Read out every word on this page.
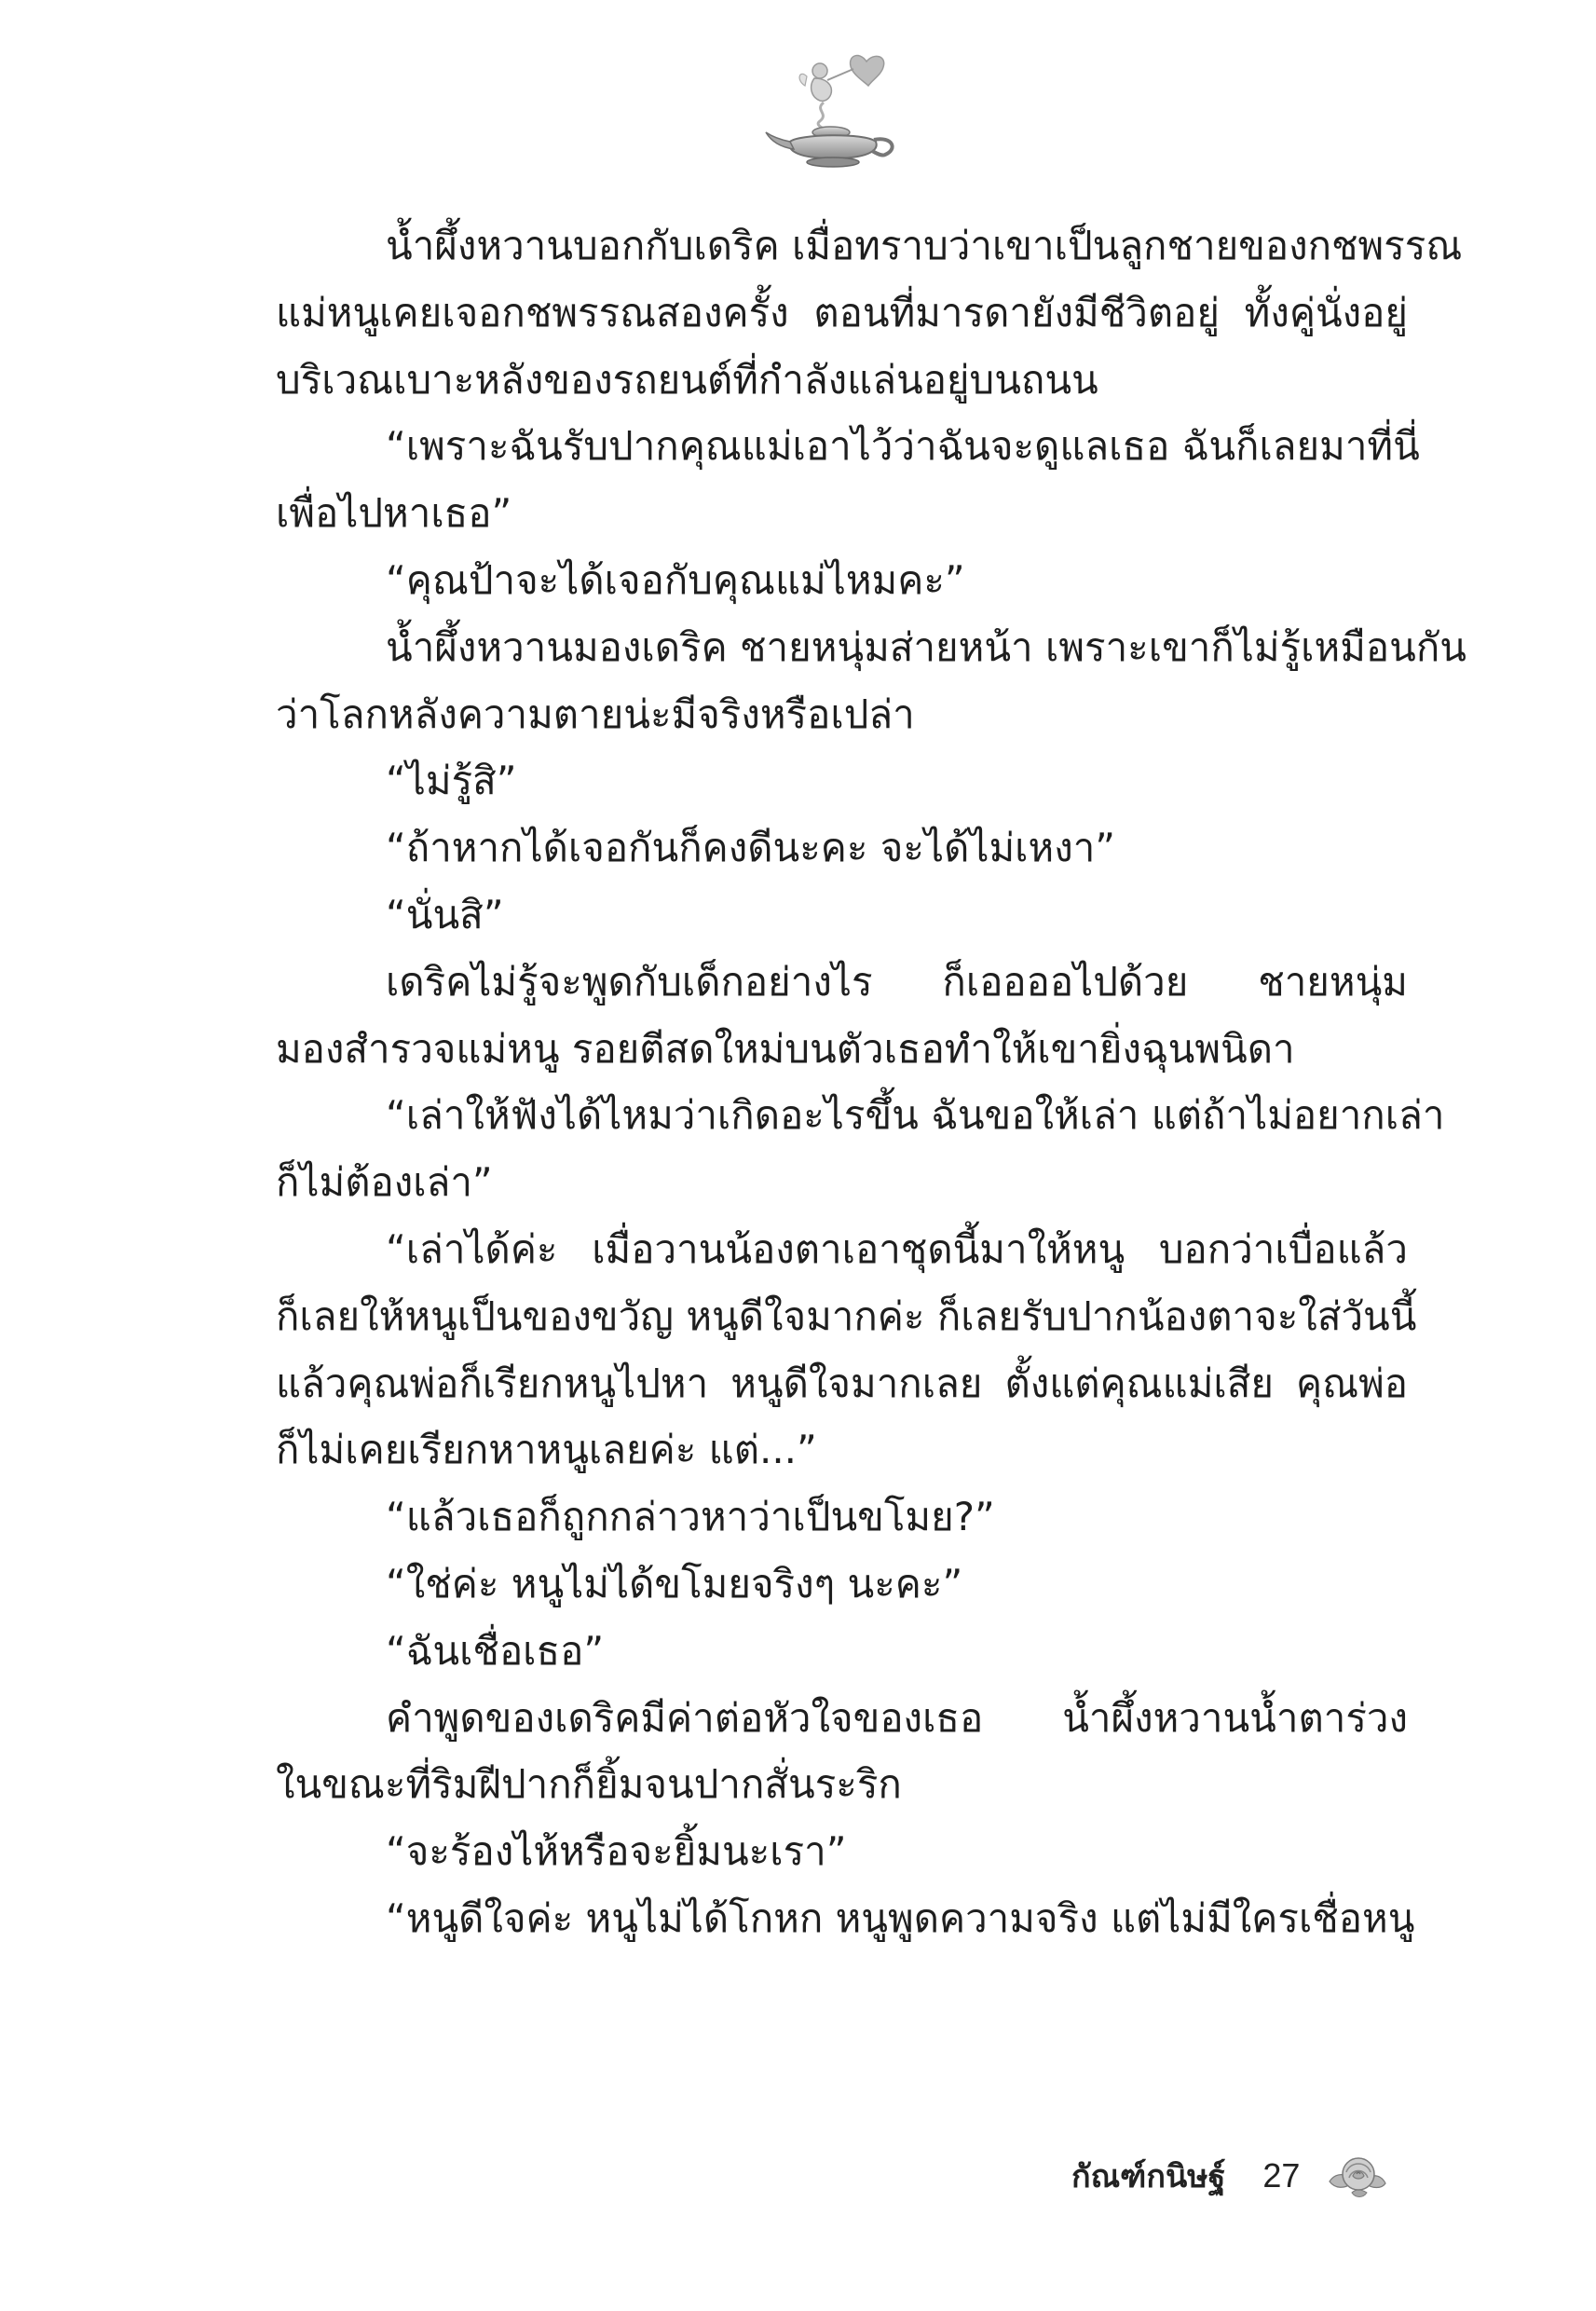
น้ำผึ้งหวานบอกกับเดริค เมื่อทราบว่าเขาเป็นลูกชายของกชพรรณ
แม่หนูเคยเจอกชพรรณสองครั้ง ตอนที่มารดายังมีชีวิตอยู่ ทั้งคู่นั่งอยู่
บริเวณเบาะหลังของรถยนต์ที่กำลังแล่นอยู่บนถนน
“เพราะฉันรับปากคุณแม่เอาไว้ว่าฉันจะดูแลเธอ ฉันก็เลยมาที่นี่
เพื่อไปหาเธอ”
“คุณป้าจะได้เจอกับคุณแม่ไหมคะ”
น้ำผึ้งหวานมองเดริค ชายหนุ่มส่ายหน้า เพราะเขาก็ไม่รู้เหมือนกัน
ว่าโลกหลังความตายน่ะมีจริงหรือเปล่า
“ไม่รู้สิ”
“ถ้าหากได้เจอกันก็คงดีนะคะ จะได้ไม่เหงา”
“นั่นสิ”
เดริคไม่รู้จะพูดกับเด็กอย่างไร ก็เออออไปด้วย ชายหนุ่ม
มองสำรวจแม่หนู รอยตีสดใหม่บนตัวเธอทำให้เขายิ่งฉุนพนิดา
“เล่าให้ฟังได้ไหมว่าเกิดอะไรขึ้น ฉันขอให้เล่า แต่ถ้าไม่อยากเล่า
ก็ไม่ต้องเล่า”
“เล่าได้ค่ะ เมื่อวานน้องตาเอาชุดนี้มาให้หนู บอกว่าเบื่อแล้ว
ก็เลยให้หนูเป็นของขวัญ หนูดีใจมากค่ะ ก็เลยรับปากน้องตาจะใส่วันนี้
แล้วคุณพ่อก็เรียกหนูไปหา หนูดีใจมากเลย ตั้งแต่คุณแม่เสีย คุณพ่อ
ก็ไม่เคยเรียกหาหนูเลยค่ะ แต่...”
“แล้วเธอก็ถูกกล่าวหาว่าเป็นขโมย?”
“ใช่ค่ะ หนูไม่ได้ขโมยจริงๆ นะคะ”
“ฉันเชื่อเธอ”
คำพูดของเดริคมีค่าต่อหัวใจของเธอ น้ำผึ้งหวานน้ำตาร่วง
ในขณะที่ริมฝีปากก็ยิ้มจนปากสั่นระริก
“จะร้องไห้หรือจะยิ้มนะเรา”
“หนูดีใจค่ะ หนูไม่ได้โกหก หนูพูดความจริง แต่ไม่มีใครเชื่อหนู
กัณฑ์กนิษฐ์ 27
